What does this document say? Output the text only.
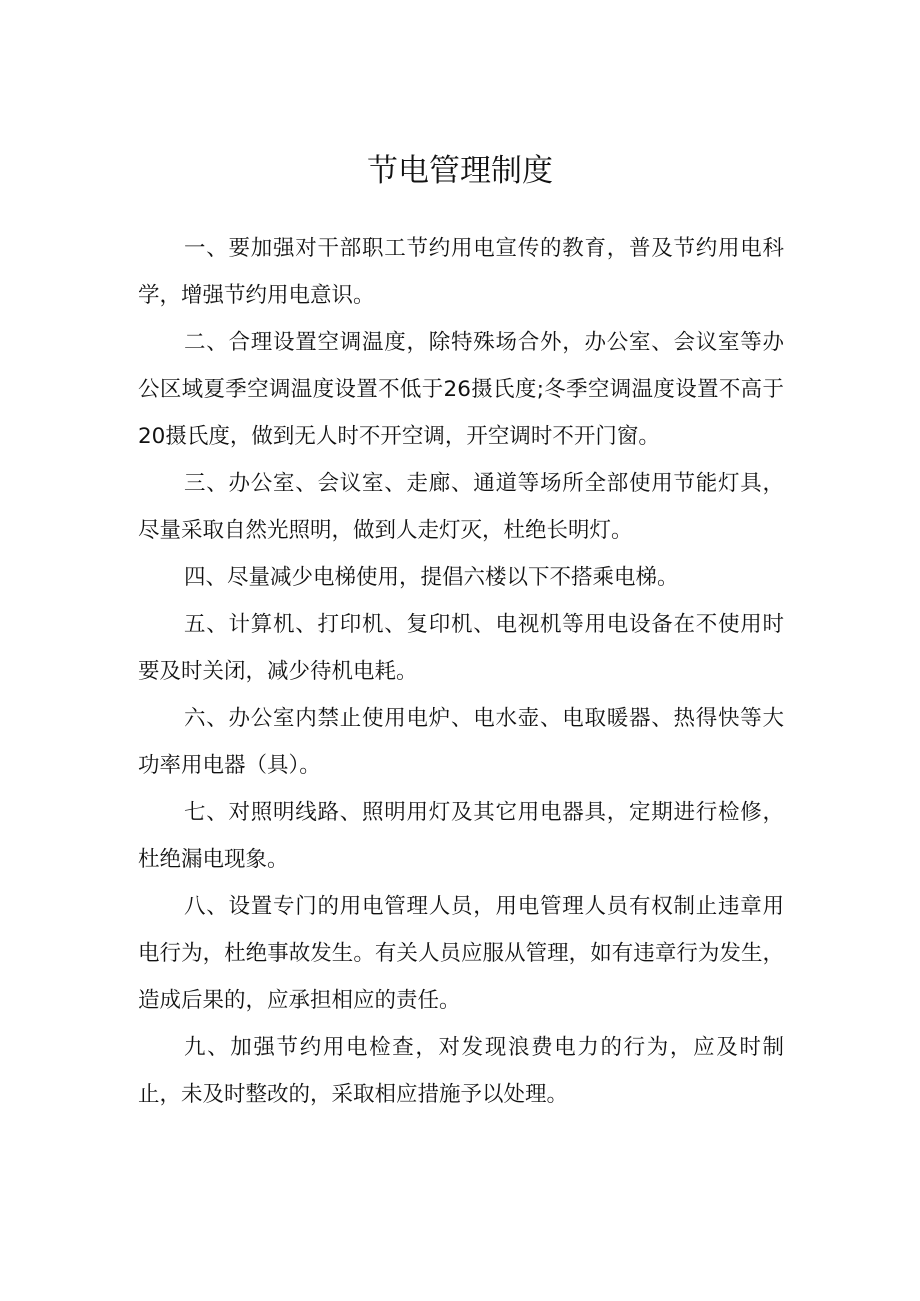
节电管理制度

一、要加强对干部职工节约用电宣传的教育，普及节约用电科学，增强节约用电意识。

二、合理设置空调温度，除特殊场合外，办公室、会议室等办公区域夏季空调温度设置不低于26摄氏度;冬季空调温度设置不高于20摄氏度，做到无人时不开空调，开空调时不开门窗。

三、办公室、会议室、走廊、通道等场所全部使用节能灯具，尽量采取自然光照明，做到人走灯灭，杜绝长明灯。

四、尽量减少电梯使用，提倡六楼以下不搭乘电梯。

五、计算机、打印机、复印机、电视机等用电设备在不使用时要及时关闭，减少待机电耗。

六、办公室内禁止使用电炉、电水壶、电取暖器、热得快等大功率用电器（具）。

七、对照明线路、照明用灯及其它用电器具，定期进行检修，杜绝漏电现象。

八、设置专门的用电管理人员，用电管理人员有权制止违章用电行为，杜绝事故发生。有关人员应服从管理，如有违章行为发生，造成后果的，应承担相应的责任。

九、加强节约用电检查，对发现浪费电力的行为，应及时制止，未及时整改的，采取相应措施予以处理。
